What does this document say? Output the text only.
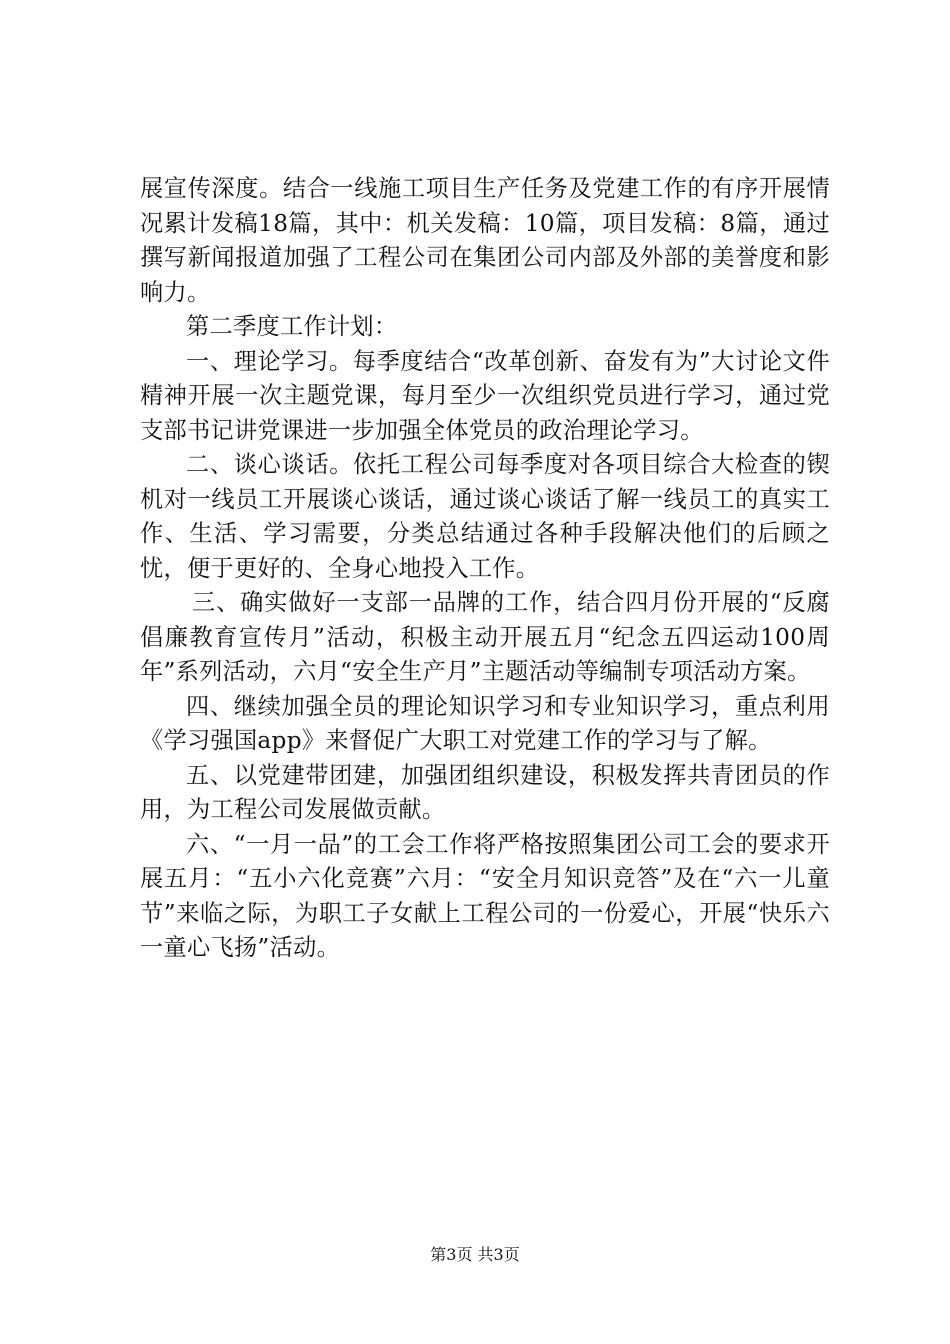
展宣传深度。结合一线施工项目生产任务及党建工作的有序开展情况累计发稿18篇，其中：机关发稿：10篇，项目发稿：8篇，通过撰写新闻报道加强了工程公司在集团公司内部及外部的美誉度和影响力。

第二季度工作计划：

一、理论学习。每季度结合“改革创新、奋发有为”大讨论文件精神开展一次主题党课，每月至少一次组织党员进行学习，通过党支部书记讲党课进一步加强全体党员的政治理论学习。

二、谈心谈话。依托工程公司每季度对各项目综合大检查的锲机对一线员工开展谈心谈话，通过谈心谈话了解一线员工的真实工作、生活、学习需要，分类总结通过各种手段解决他们的后顾之忧，便于更好的、全身心地投入工作。

三、确实做好一支部一品牌的工作，结合四月份开展的“反腐倡廉教育宣传月”活动，积极主动开展五月“纪念五四运动100周年”系列活动，六月“安全生产月”主题活动等编制专项活动方案。

四、继续加强全员的理论知识学习和专业知识学习，重点利用《学习强国app》来督促广大职工对党建工作的学习与了解。

五、以党建带团建，加强团组织建设，积极发挥共青团员的作用，为工程公司发展做贡献。

六、“一月一品”的工会工作将严格按照集团公司工会的要求开展五月：“五小六化竞赛”六月：“安全月知识竞答”及在“六一儿童节”来临之际，为职工子女献上工程公司的一份爱心，开展“快乐六一童心飞扬”活动。

第3页 共3页
